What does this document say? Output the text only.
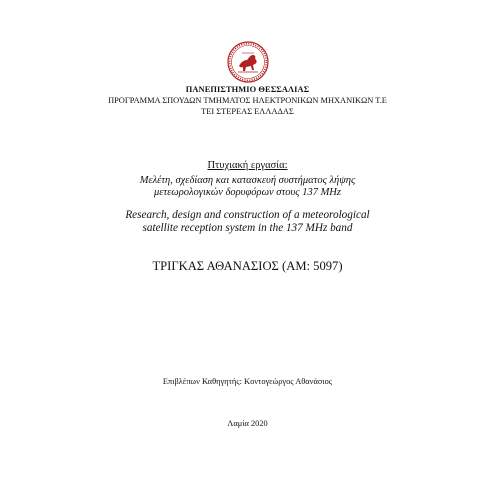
ΠΑΝΕΠΙΣΤΗΜΙΟ ΘΕΣΣΑΛΙΑΣ
ΠΡΟΓΡΑΜΜΑ ΣΠΟΥΔΩΝ ΤΜΗΜΑΤΟΣ ΗΛΕΚΤΡΟΝΙΚΩΝ ΜΗΧΑΝΙΚΩΝ Τ.Ε
ΤΕΙ ΣΤΕΡΕΑΣ ΕΛΛΑΔΑΣ
Πτυχιακή εργασία:
Μελέτη, σχεδίαση και κατασκευή συστήματος λήψης
μετεωρολογικών δορυφόρων στους 137 MHz
Research, design and construction of a meteorological
satellite reception system in the 137 MHz band
ΤΡΙΓΚΑΣ ΑΘΑΝΑΣΙΟΣ (ΑΜ: 5097)
Επιβλέπων Καθηγητής: Κοντογεώργος Αθανάσιος
Λαμία 2020
